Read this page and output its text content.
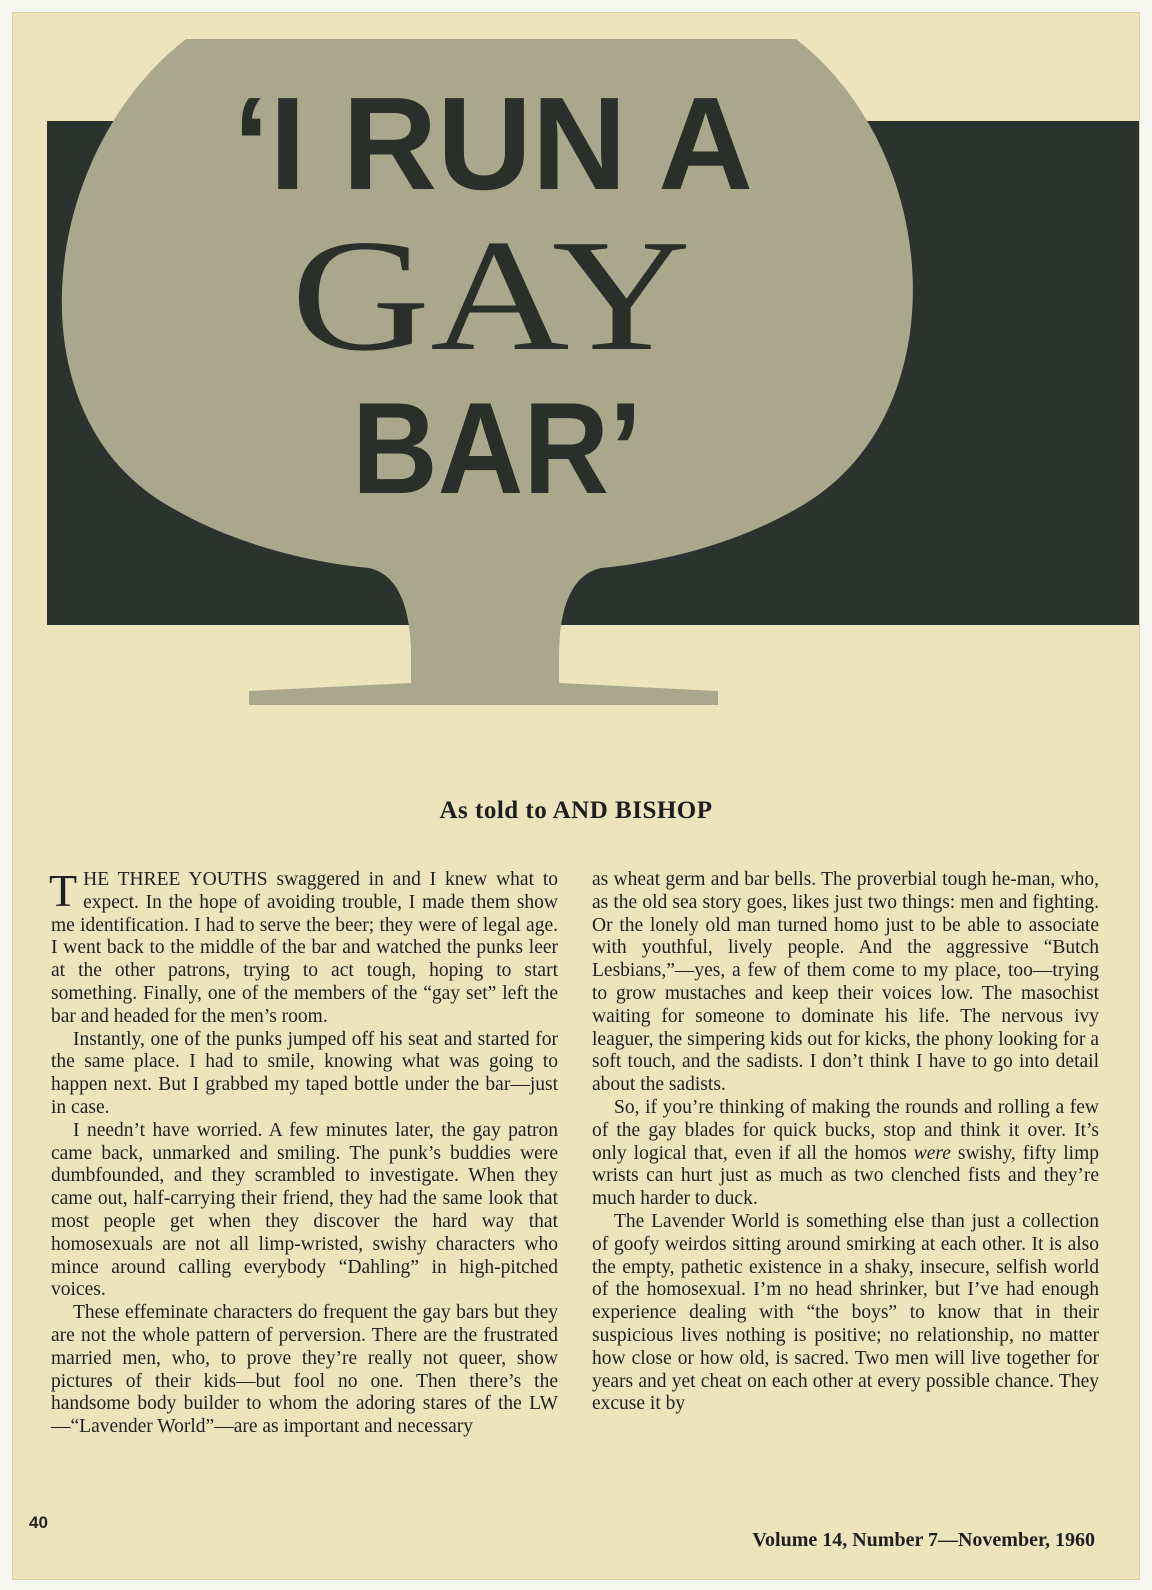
‘I RUN A
GAY
BAR’
As told to AND BISHOP

THE THREE YOUTHS swaggered in and I knew what to expect. In the hope of avoiding trouble, I made them show me identification. I had to serve the beer; they were of legal age. I went back to the middle of the bar and watched the punks leer at the other patrons, trying to act tough, hoping to start something. Finally, one of the members of the “gay set” left the bar and headed for the men’s room.

Instantly, one of the punks jumped off his seat and started for the same place. I had to smile, knowing what was going to happen next. But I grabbed my taped bottle under the bar—just in case.

I needn’t have worried. A few minutes later, the gay patron came back, unmarked and smiling. The punk’s buddies were dumbfounded, and they scrambled to investigate. When they came out, half-carrying their friend, they had the same look that most people get when they discover the hard way that homosexuals are not all limp-wristed, swishy characters who mince around calling everybody “Dahling” in high-pitched voices.

These effeminate characters do frequent the gay bars but they are not the whole pattern of perversion. There are the frustrated married men, who, to prove they’re really not queer, show pictures of their kids—but fool no one. Then there’s the handsome body builder to whom the adoring stares of the LW—“Lavender World”—are as important and necessary

as wheat germ and bar bells. The proverbial tough he-man, who, as the old sea story goes, likes just two things: men and fighting. Or the lonely old man turned homo just to be able to associate with youthful, lively people. And the aggressive “Butch Lesbians,”—yes, a few of them come to my place, too—trying to grow mustaches and keep their voices low. The masochist waiting for someone to dominate his life. The nervous ivy leaguer, the simpering kids out for kicks, the phony looking for a soft touch, and the sadists. I don’t think I have to go into detail about the sadists.

So, if you’re thinking of making the rounds and rolling a few of the gay blades for quick bucks, stop and think it over. It’s only logical that, even if all the homos were swishy, fifty limp wrists can hurt just as much as two clenched fists and they’re much harder to duck.

The Lavender World is something else than just a collection of goofy weirdos sitting around smirking at each other. It is also the empty, pathetic existence in a shaky, insecure, selfish world of the homosexual. I’m no head shrinker, but I’ve had enough experience dealing with “the boys” to know that in their suspicious lives nothing is positive; no relationship, no matter how close or how old, is sacred. Two men will live together for years and yet cheat on each other at every possible chance. They excuse it by

40
Volume 14, Number 7—November, 1960
